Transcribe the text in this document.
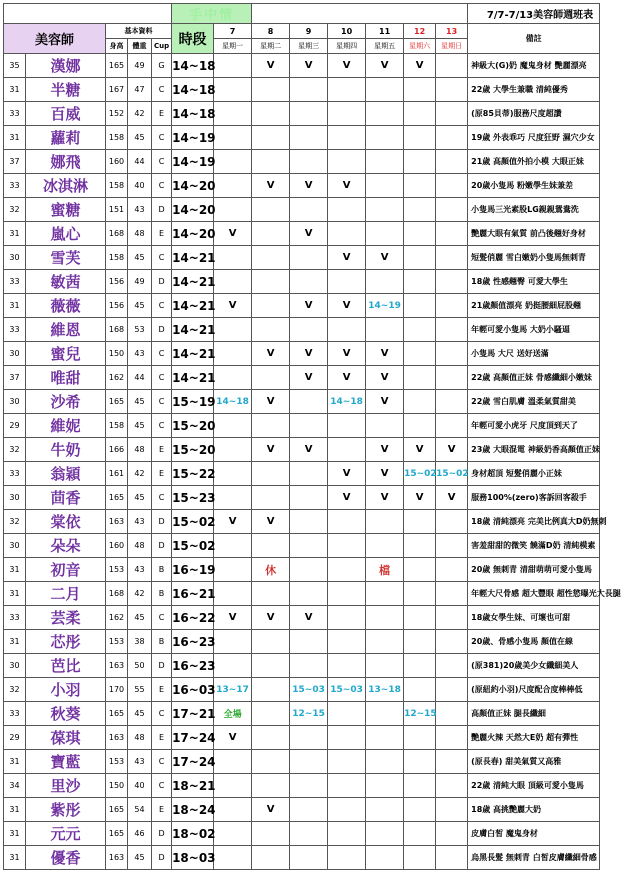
					手中情								7/7-7/13美容師週班表
美容師		基本資料			時段	7	8	9	10	11	12	13	備註
		身高	體重	Cup		星期一	星期二	星期三	星期四	星期五	星期六	星期日	

35	漢娜	165	49	G	14~18		V	V	V	V	V		神級大(G)奶 魔鬼身材 艷麗漂亮
31	半糖	167	47	C	14~18								22歲 大學生兼職 清純優秀
33	百威	152	42	E	14~18								(原85貝蒂)服務尺度超讚
31	蘿莉	158	45	C	14~19								19歲 外表乖巧 尺度狂野 濕穴少女
37	娜飛	160	44	C	14~19								21歲 高顏值外拍小模 大眼正妹
33	冰淇淋	158	40	C	14~20		V	V	V				20歲小隻馬 粉嫩學生妹兼差
32	蜜糖	151	43	D	14~20								小隻馬三光素股LG親親鴛鴦洗
31	嵐心	168	48	E	14~20	V		V					艷麗大眼有氣質 前凸後翹好身材
30	雪芙	158	45	C	14~21				V	V			短髮俏麗 雪白嫩奶小隻馬無刺青
33	敏茜	156	49	D	14~21								18歲 性感翹臀 可愛大學生
31	薇薇	156	45	C	14~21	V		V	V	14~19			21歲顏值漂亮 奶挺腰細屁股翹
33	維恩	168	53	D	14~21								年輕可愛小隻馬 大奶小騷逼
30	蜜兒	150	43	C	14~21		V	V	V	V			小隻馬 大尺 送好送滿
37	唯甜	162	44	C	14~21			V	V	V			22歲 高顏值正妹 骨感纖細小嫩妹
30	沙希	165	45	C	15~19	14~18	V		14~18	V			22歲 雪白肌膚 溫柔氣質甜美
29	維妮	158	45	C	15~20								年輕可愛小虎牙 尺度頂到天了
32	牛奶	166	48	E	15~20		V	V		V	V	V	23歲 大眼混電 神級奶香高顏值正妹
33	翁穎	161	42	E	15~22				V	V	15~02	15~02	身材超頂 短髮俏麗小正妹
30	茴香	165	45	C	15~23				V	V	V	V	服務100%(zero)客訴回客殺手
32	棠依	163	43	D	15~02	V	V						18歲 清純漂亮 完美比例真大D奶無刺
30	朵朵	160	48	D	15~02								害羞甜甜的微笑 饒滿D奶 清純模素
31	初音	153	43	B	16~19		休			檔			20歲 無刺青 清甜萌萌可愛小隻馬
31	二月	168	42	B	16~21								年輕大尺骨感 超大豐眼 超性慾曝光大長腿
33	芸柔	162	45	C	16~22	V	V	V					18歲女學生妹、可壞也可甜
31	芯彤	153	38	B	16~23								20歲、骨感小隻馬 顏值在線
30	芭比	163	50	D	16~23								(原381)20歲美少女纖細美人
32	小羽	170	55	E	16~03	13~17		15~03	15~03	13~18			(原紐約小羽)尺度配合度棒棒低
33	秋葵	165	45	C	17~21	全場		12~15			12~15		高顏值正妹 腿長纖細
29	葆琪	163	48	E	17~24	V							艷麗火辣 天然大E奶 超有彈性
31	寶藍	153	43	C	17~24								(原長春) 甜美氣質又高雅
34	里沙	150	40	C	18~21								22歲 清純大眼 頂級可愛小隻馬
31	紫彤	165	54	E	18~24		V						18歲 高挑艷麗大奶
31	元元	165	46	D	18~02								皮膚白皙 魔鬼身材
31	優香	163	45	D	18~03								烏黑長髮 無刺青 白皙皮膚纖細骨感
